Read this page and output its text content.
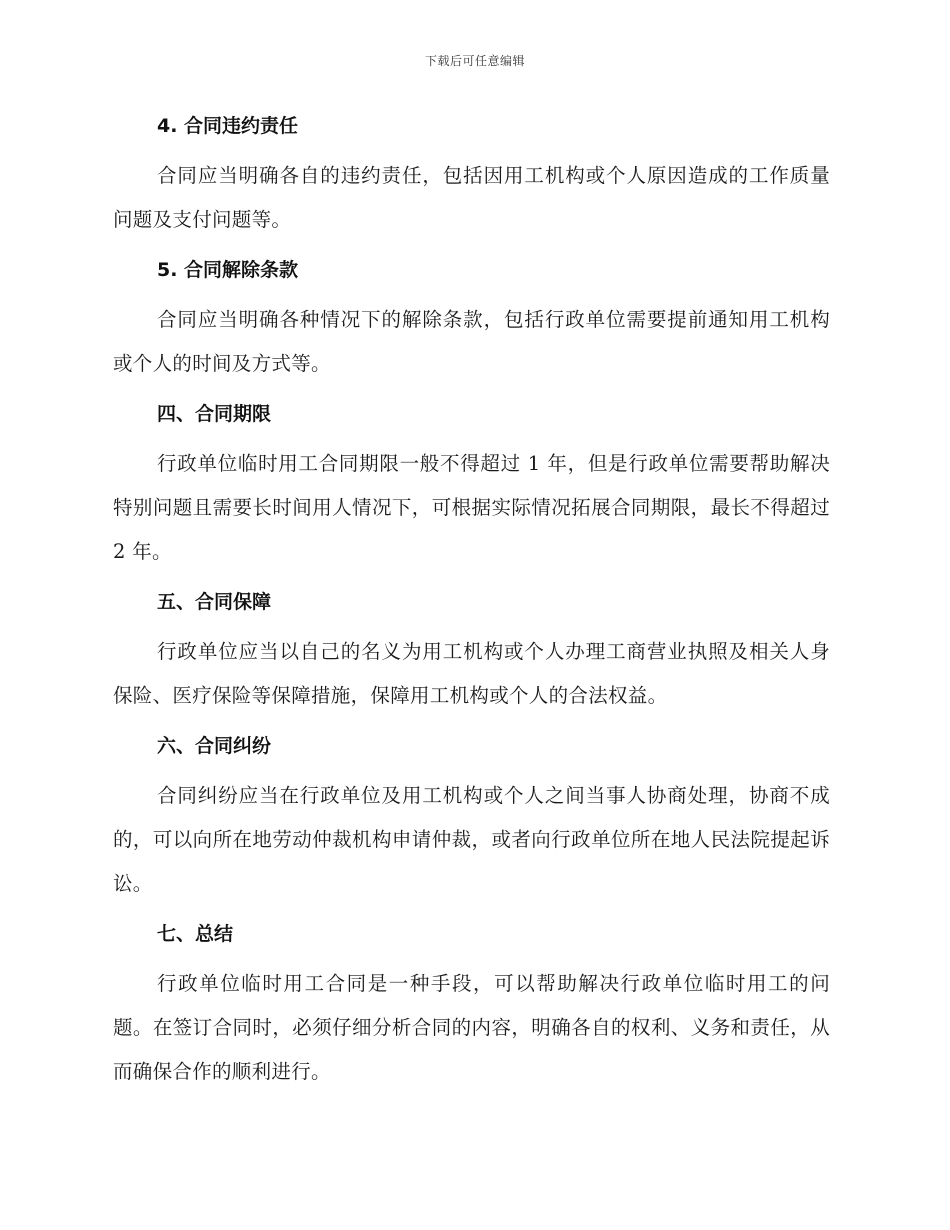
下载后可任意编辑
4. 合同违约责任

合同应当明确各自的违约责任，包括因用工机构或个人原因造成的工作质量问题及支付问题等。

5. 合同解除条款

合同应当明确各种情况下的解除条款，包括行政单位需要提前通知用工机构或个人的时间及方式等。

四、合同期限

行政单位临时用工合同期限一般不得超过 1 年，但是行政单位需要帮助解决特别问题且需要长时间用人情况下，可根据实际情况拓展合同期限，最长不得超过 2 年。

五、合同保障

行政单位应当以自己的名义为用工机构或个人办理工商营业执照及相关人身保险、医疗保险等保障措施，保障用工机构或个人的合法权益。

六、合同纠纷

合同纠纷应当在行政单位及用工机构或个人之间当事人协商处理，协商不成的，可以向所在地劳动仲裁机构申请仲裁，或者向行政单位所在地人民法院提起诉讼。

七、总结

行政单位临时用工合同是一种手段，可以帮助解决行政单位临时用工的问题。在签订合同时，必须仔细分析合同的内容，明确各自的权利、义务和责任，从而确保合作的顺利进行。
